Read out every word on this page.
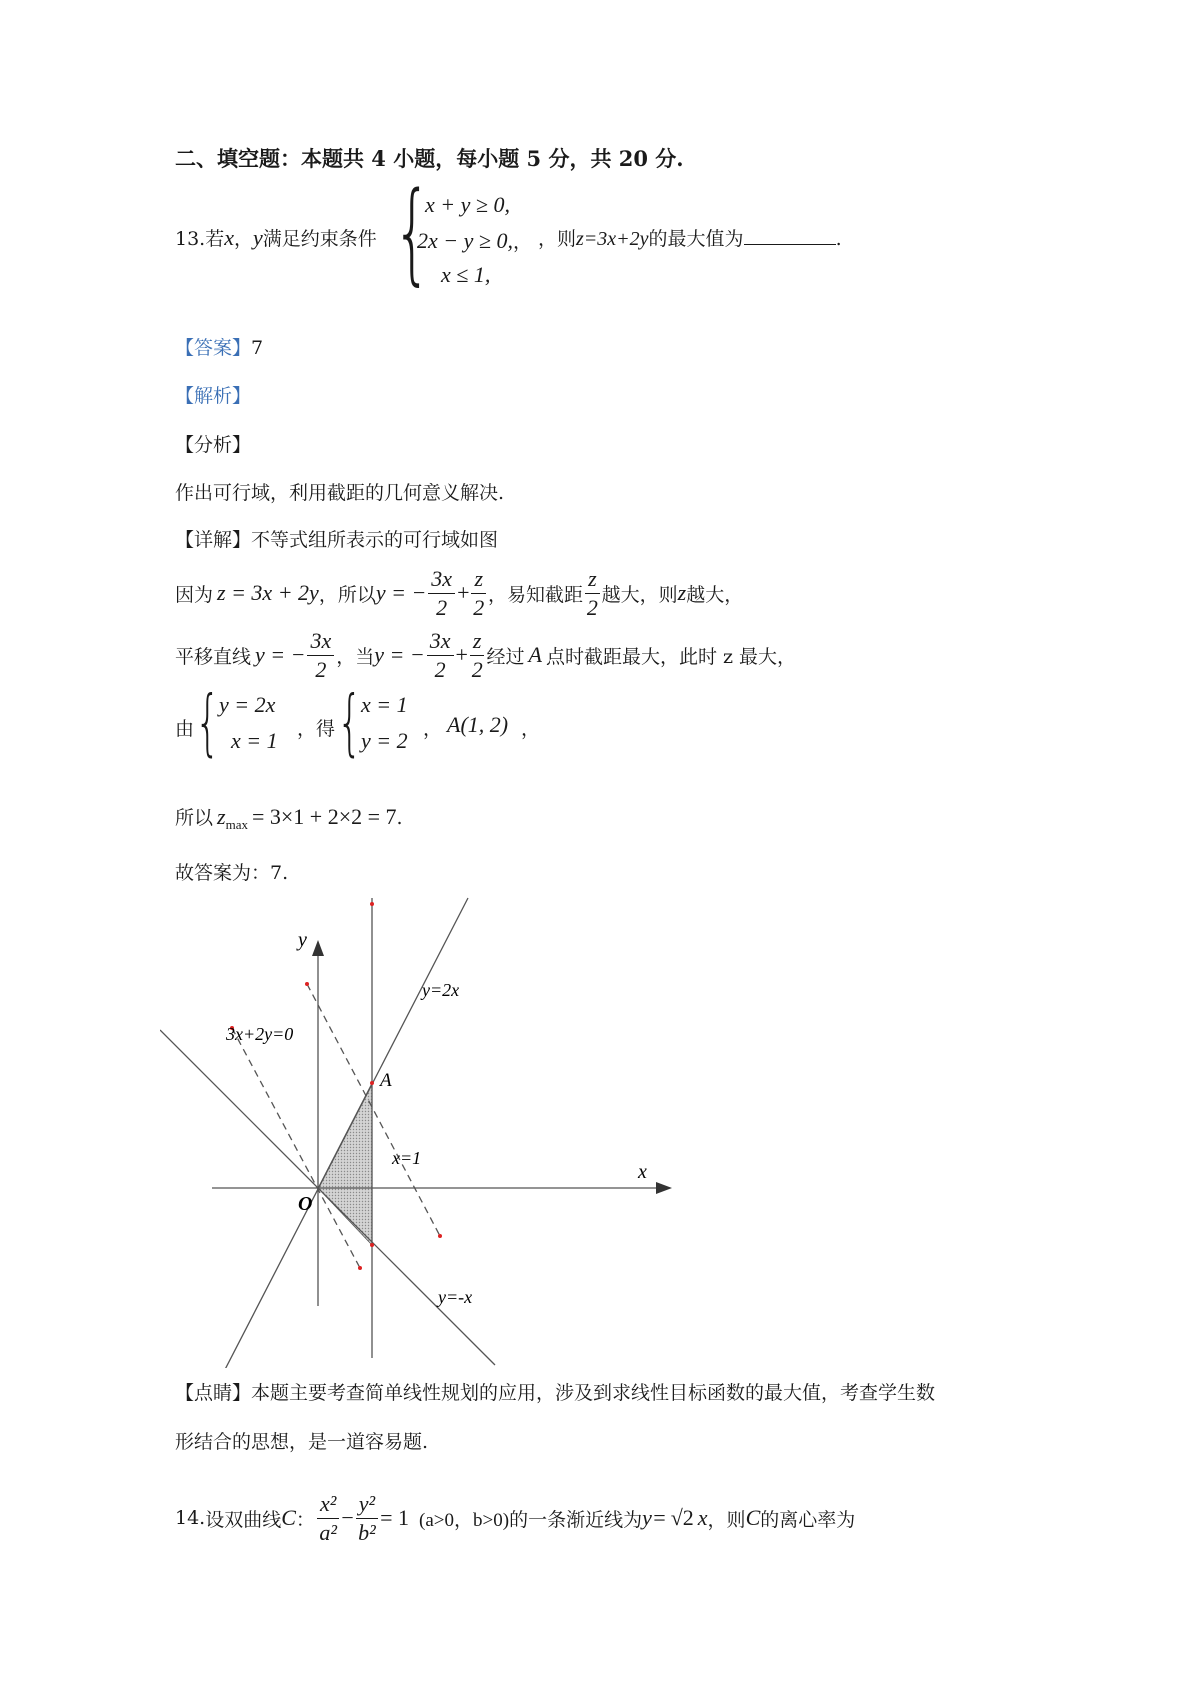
二、填空题：本题共 4 小题，每小题 5 分，共 20 分.
13.若x，y满足约束条件 {
x + y ≥ 0,
2x − y ≥ 0,，
x ≤ 1,
，则z=3x+2y的最大值为	.
【答案】7
【解析】
【分析】
作出可行域，利用截距的几何意义解决.
【详解】不等式组所表示的可行域如图
因为 z = 3x + 2y ，所以 y = − $\frac{3x}{2} + \frac{z}{2}$ ，易知截距 $\frac{z}{2}$ 越大，则 z 越大，
平移直线 y = − $\frac{3x}{2}$ ，当 y = − $\frac{3x}{2} + \frac{z}{2}$ 经过 A 点时截距最大，此时 z 最大，
由 {
y = 2x
x = 1 ，得 {
x = 1
y = 2 ， A(1, 2) ，
所以 $z_{max} = 3\times 1 + 2\times 2 = 7$.
故答案为：7.
y
x
O
A
y=2x
x=1
y=-x
3x+2y=0
【点睛】本题主要考查简单线性规划的应用，涉及到求线性目标函数的最大值，考查学生数
形结合的思想，是一道容易题.
14. 设双曲线 C ： $\frac{\text{x²}}{\text{a²}} - \frac{\text{y²}}{\text{b²}} = 1$ (a>0，b>0) 的一条渐近线为 y= √2 x ，则 C 的离心率为
